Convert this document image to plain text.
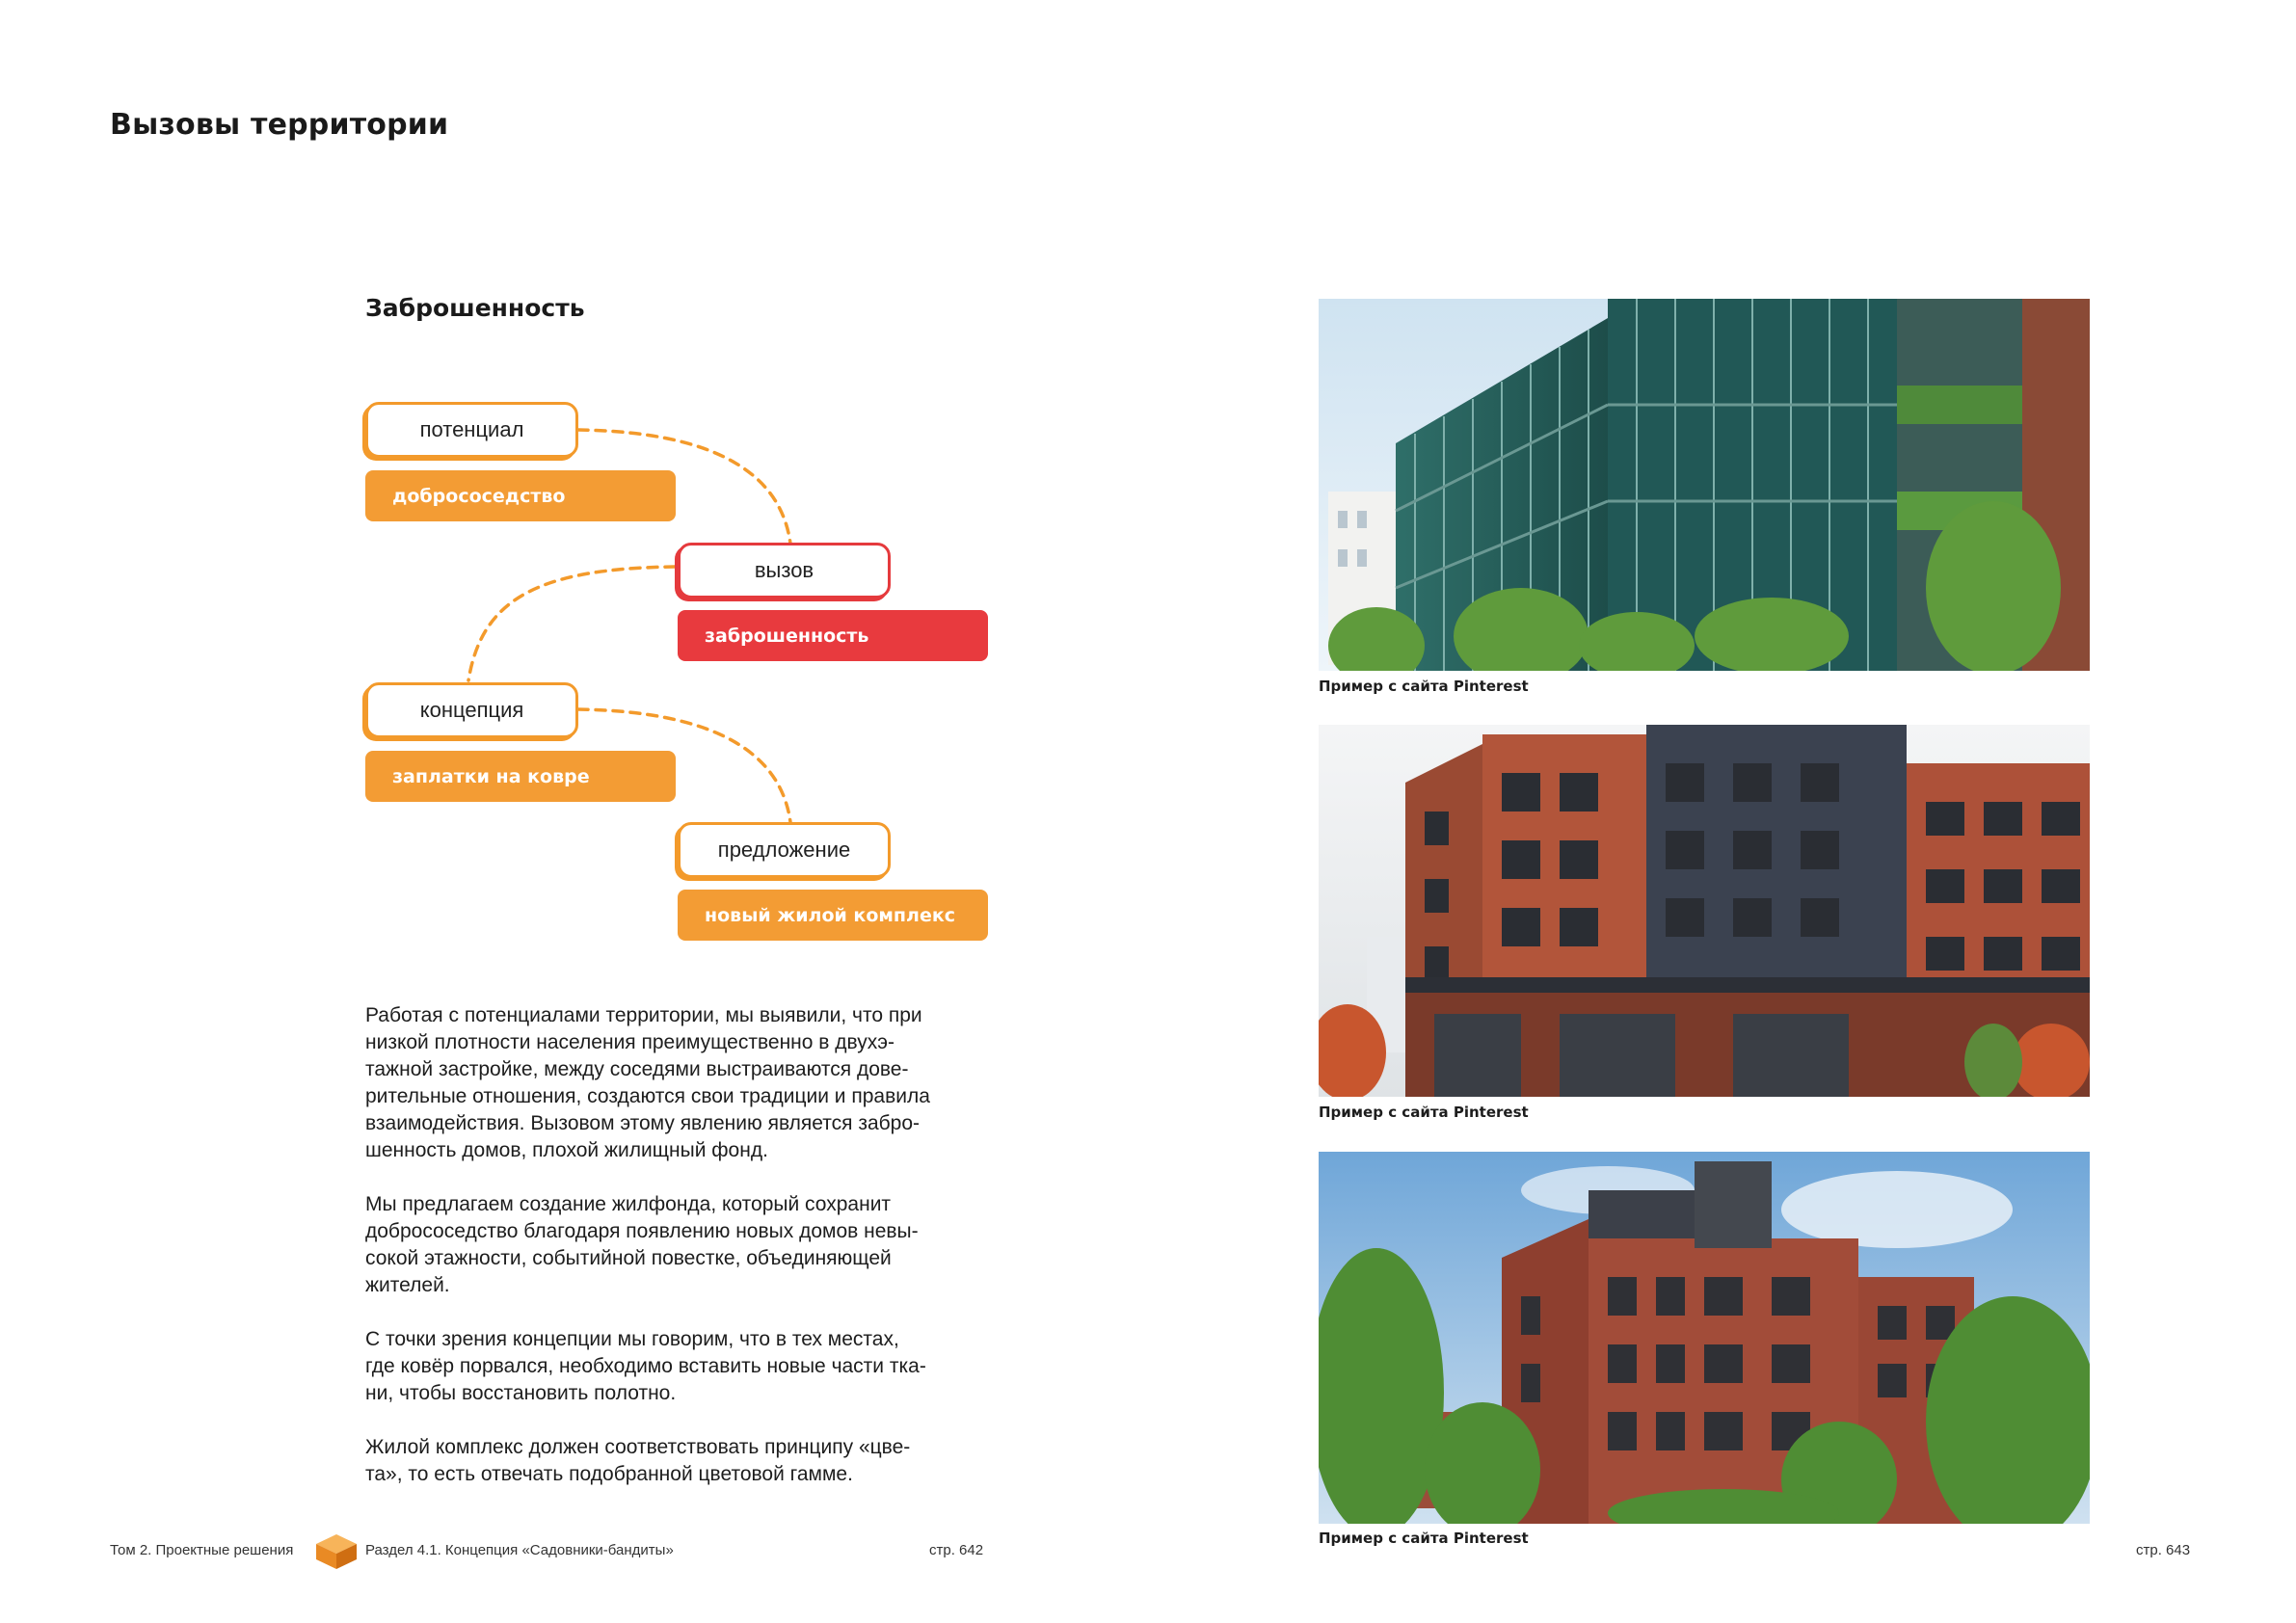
Вызовы территории
Заброшенность
потенциал
добрососедство
вызов
заброшенность
концепция
заплатки на ковре
предложение
новый жилой комплекс

Работая с потенциалами территории, мы выявили, что при
низкой плотности населения преимущественно в двухэ-
тажной застройке, между соседями выстраиваются дове-
рительные отношения, создаются свои традиции и правила
взаимодействия. Вызовом этому явлению является забро-
шенность домов, плохой жилищный фонд.

Мы предлагаем создание жилфонда, который сохранит
добрососедство благодаря появлению новых домов невы-
сокой этажности, событийной повестке, объединяющей
жителей.

С точки зрения концепции мы говорим, что в тех местах,
где ковёр порвался, необходимо вставить новые части тка-
ни, чтобы восстановить полотно.

Жилой комплекс должен соответствовать принципу «цве-
та», то есть отвечать подобранной цветовой гамме.

Пример с сайта Pinterest
Пример с сайта Pinterest
Пример с сайта Pinterest
Том 2. Проектные решения	Раздел 4.1. Концепция «Садовники-бандиты»	стр. 642	стр. 643
